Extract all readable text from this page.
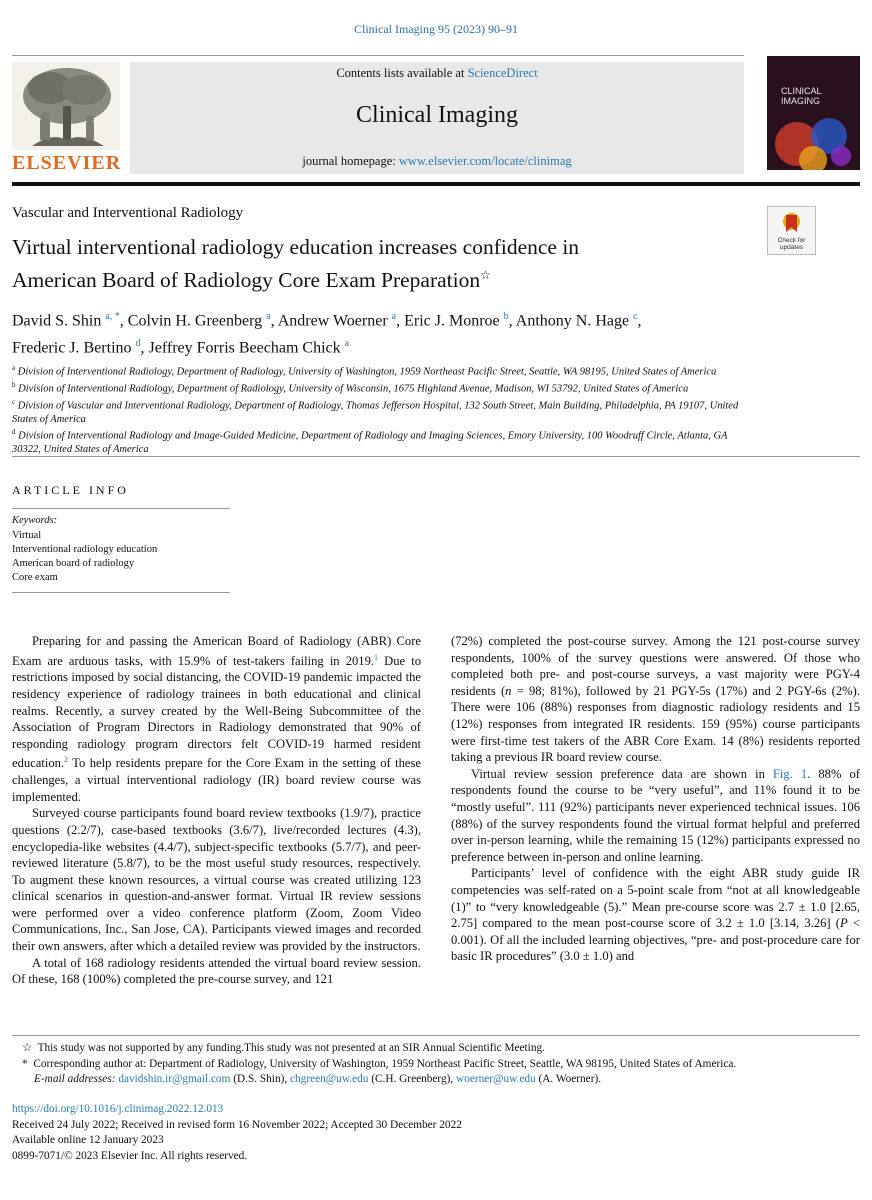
Clinical Imaging 95 (2023) 90–91
ELSEVIER
Contents lists available at ScienceDirect
Clinical Imaging
journal homepage: www.elsevier.com/locate/clinimag
CLINICAL
IMAGING
Vascular and Interventional Radiology
Virtual interventional radiology education increases confidence in
American Board of Radiology Core Exam Preparation☆
Check for
updates
David S. Shin $^{a, *}$, Colvin H. Greenberg $^a$, Andrew Woerner $^a$, Eric J. Monroe $^b$, Anthony N. Hage $^c$,
Frederic J. Bertino $^d$, Jeffrey Forris Beecham Chick $^a$

$^a$ Division of Interventional Radiology, Department of Radiology, University of Washington, 1959 Northeast Pacific Street, Seattle, WA 98195, United States of America

$^b$ Division of Interventional Radiology, Department of Radiology, University of Wisconsin, 1675 Highland Avenue, Madison, WI 53792, United States of America

$^c$ Division of Vascular and Interventional Radiology, Department of Radiology, Thomas Jefferson Hospital, 132 South Street, Main Building, Philadelphia, PA 19107, United States of America

$^d$ Division of Interventional Radiology and Image-Guided Medicine, Department of Radiology and Imaging Sciences, Emory University, 100 Woodruff Circle, Atlanta, GA 30322, United States of America

ARTICLE INFO
Keywords:
Virtual
Interventional radiology education
American board of radiology
Core exam

Preparing for and passing the American Board of Radiology (ABR) Core Exam are arduous tasks, with 15.9% of test-takers failing in 2019.$^1$ Due to restrictions imposed by social distancing, the COVID-19 pandemic impacted the residency experience of radiology trainees in both educational and clinical realms. Recently, a survey created by the Well-Being Subcommittee of the Association of Program Directors in Radiology demonstrated that 90% of responding radiology program directors felt COVID-19 harmed resident education.$^2$ To help residents prepare for the Core Exam in the setting of these challenges, a virtual interventional radiology (IR) board review course was implemented.

Surveyed course participants found board review textbooks (1.9/7), practice questions (2.2/7), case-based textbooks (3.6/7), live/recorded lectures (4.3), encyclopedia-like websites (4.4/7), subject-specific textbooks (5.7/7), and peer-reviewed literature (5.8/7), to be the most useful study resources, respectively. To augment these known resources, a virtual course was created utilizing 123 clinical scenarios in question-and-answer format. Virtual IR review sessions were performed over a video conference platform (Zoom, Zoom Video Communications, Inc., San Jose, CA). Participants viewed images and recorded their own answers, after which a detailed review was provided by the instructors.

A total of 168 radiology residents attended the virtual board review session. Of these, 168 (100%) completed the pre-course survey, and 121

(72%) completed the post-course survey. Among the 121 post-course survey respondents, 100% of the survey questions were answered. Of those who completed both pre- and post-course surveys, a vast majority were PGY-4 residents (n = 98; 81%), followed by 21 PGY-5s (17%) and 2 PGY-6s (2%). There were 106 (88%) responses from diagnostic radiology residents and 15 (12%) responses from integrated IR residents. 159 (95%) course participants were first-time test takers of the ABR Core Exam. 14 (8%) residents reported taking a previous IR board review course.

Virtual review session preference data are shown in Fig. 1. 88% of respondents found the course to be “very useful”, and 11% found it to be “mostly useful”. 111 (92%) participants never experienced technical issues. 106 (88%) of the survey respondents found the virtual format helpful and preferred over in-person learning, while the remaining 15 (12%) participants expressed no preference between in-person and online learning.

Participants’ level of confidence with the eight ABR study guide IR competencies was self-rated on a 5-point scale from “not at all knowledgeable (1)” to “very knowledgeable (5).” Mean pre-course score was 2.7 ± 1.0 [2.65, 2.75] compared to the mean post-course score of 3.2 ± 1.0 [3.14, 3.26] (P < 0.001). Of all the included learning objectives, “pre- and post-procedure care for basic IR procedures” (3.0 ± 1.0) and

☆ This study was not supported by any funding.This study was not presented at an SIR Annual Scientific Meeting.

* Corresponding author at: Department of Radiology, University of Washington, 1959 Northeast Pacific Street, Seattle, WA 98195, United States of America.

E-mail addresses: davidshin.ir@gmail.com (D.S. Shin), chgreen@uw.edu (C.H. Greenberg), woerner@uw.edu (A. Woerner).

https://doi.org/10.1016/j.clinimag.2022.12.013

Received 24 July 2022; Received in revised form 16 November 2022; Accepted 30 December 2022

Available online 12 January 2023

0899-7071/© 2023 Elsevier Inc. All rights reserved.
